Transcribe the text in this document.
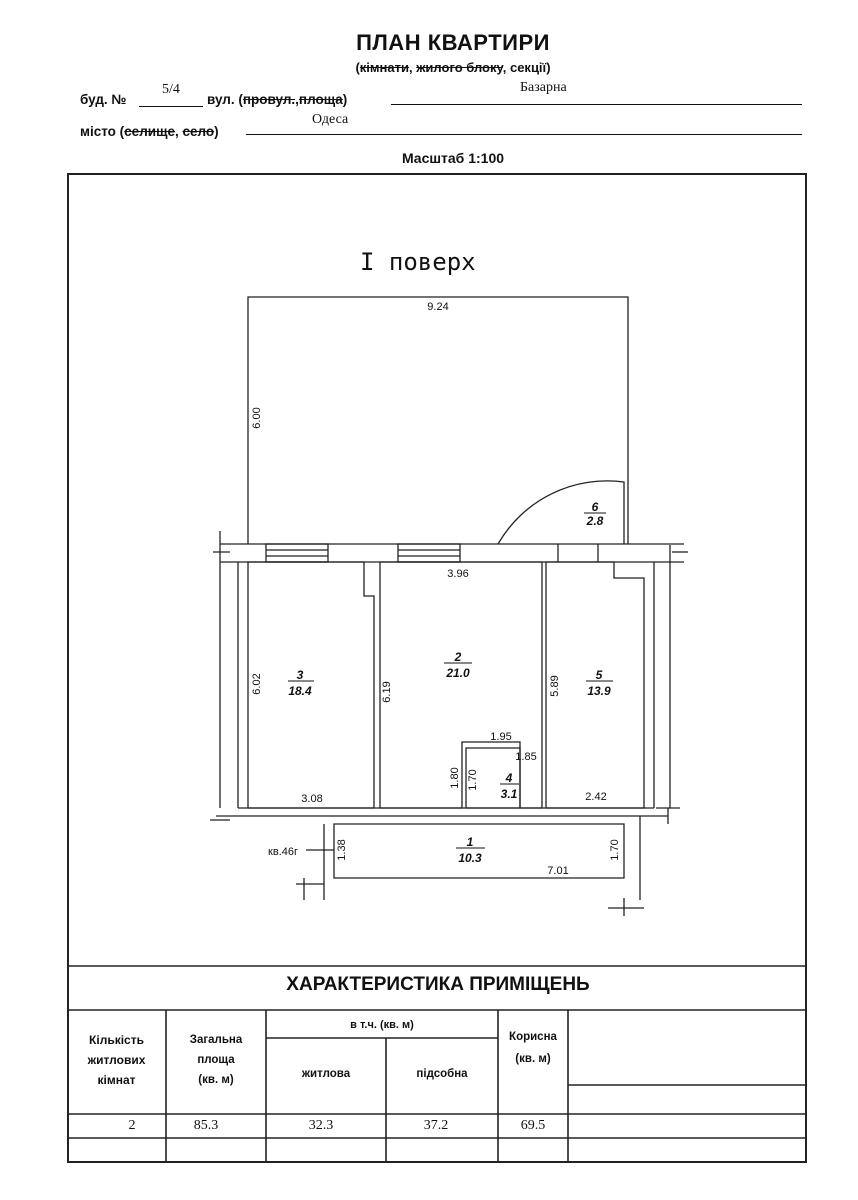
ПЛАН КВАРТИРИ
(кімнати, жилого блоку, секції)
буд. №
5/4
вул. (провул.,площа)
Базарна
місто (селище, село)
Одеса
Масштаб 1:100
I поверх
9.24
6.00
3.96
6.02
3.08
6.19
1.95
1.85
1.80 1.70
5.89
2.42
1.38	1.70
7.01
кв.46г
6
2.8
3
18.4
2
21.0	5
13.9
4
3.1
1
10.3
ХАРАКТЕРИСТИКА ПРИМІЩЕНЬ
Кількість
житлових
кімнат
Загальна
площа
(кв. м)
в т.ч. (кв. м)
житлова	підсобна
Корисна
(кв. м)
2	85.3	32.3	37.2	69.5
